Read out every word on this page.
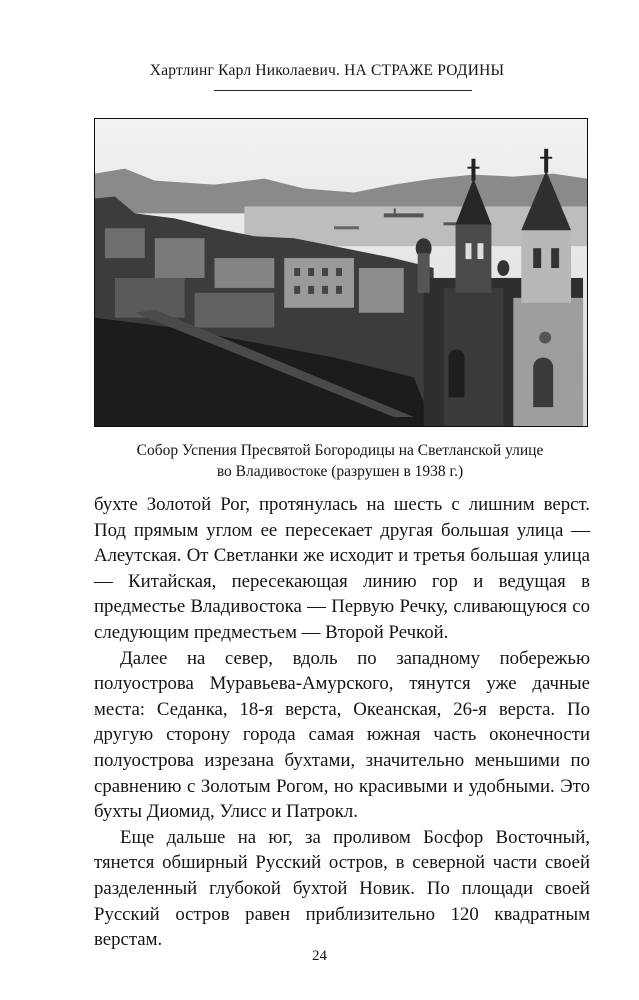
Хартлинг Карл Николаевич. НА СТРАЖЕ РОДИНЫ
Собор Успения Пресвятой Богородицы на Светланской улице
во Владивостоке (разрушен в 1938 г.)

бухте Золотой Рог, протянулась на шесть с лишним верст. Под прямым углом ее пересекает другая большая улица — Алеутская. От Светланки же исходит и третья большая улица — Китайская, пересекающая линию гор и ведущая в предместье Владивостока — Первую Речку, сливающуюся со следующим предместьем — Второй Речкой.

Далее на север, вдоль по западному побережью полуострова Муравьева-Амурского, тянутся уже дачные места: Седанка, 18-я верста, Океанская, 26-я верста. По другую сторону города самая южная часть оконечности полуострова изрезана бухтами, значительно меньшими по сравнению с Золотым Рогом, но красивыми и удобными. Это бухты Диомид, Улисс и Патрокл.

Еще дальше на юг, за проливом Босфор Восточный, тянется обширный Русский остров, в северной части своей разделенный глубокой бухтой Новик. По площади своей Русский остров равен приблизительно 120 квадратным верстам.

24
